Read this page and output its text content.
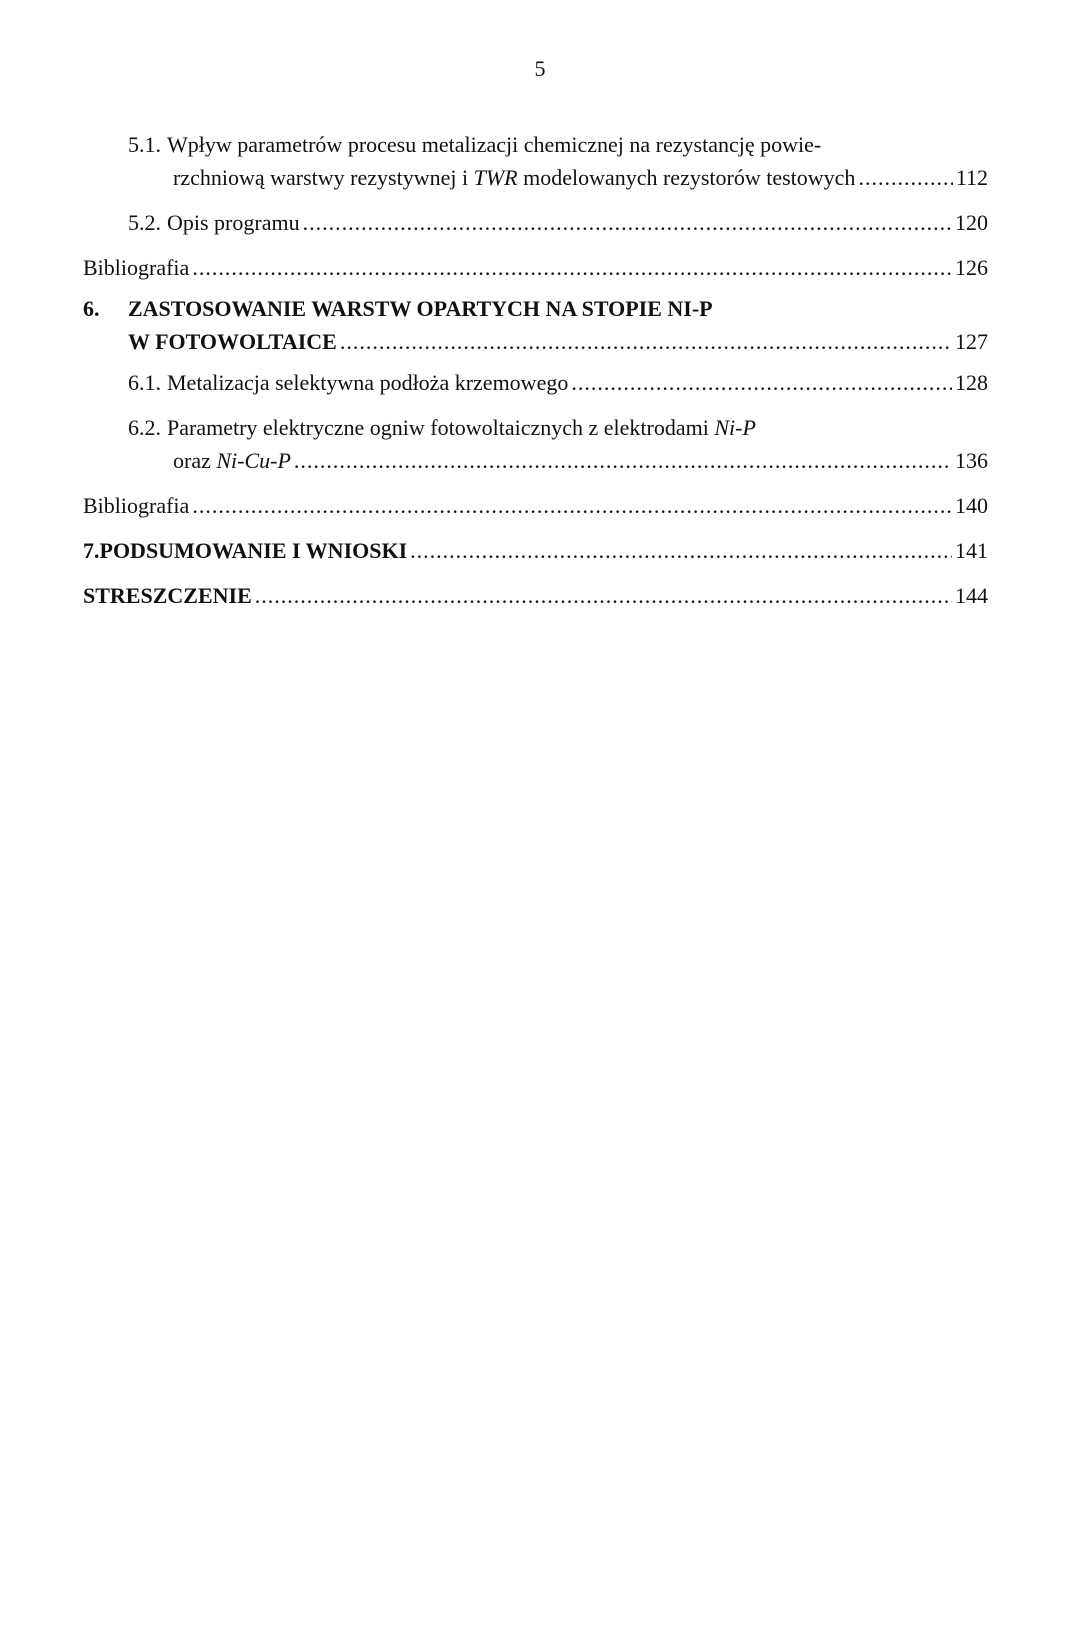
5
5.1. Wpływ parametrów procesu metalizacji chemicznej na rezystancję powie-
rzchniową warstwy rezystywnej i TWR modelowanych rezystorów testowych .....	112
5.2. Opis programu .....	120
Bibliografia .....	126
6.	ZASTOSOWANIE WARSTW OPARTYCH NA STOPIE NI-P
W FOTOWOLTAICE .....	127
6.1. Metalizacja selektywna podłoża krzemowego .....	128
6.2. Parametry elektryczne ogniw fotowoltaicznych z elektrodami Ni-P
oraz Ni-Cu-P .....	136
Bibliografia .....	140
7. PODSUMOWANIE I WNIOSKI .....	141
STRESZCZENIE .....	144
